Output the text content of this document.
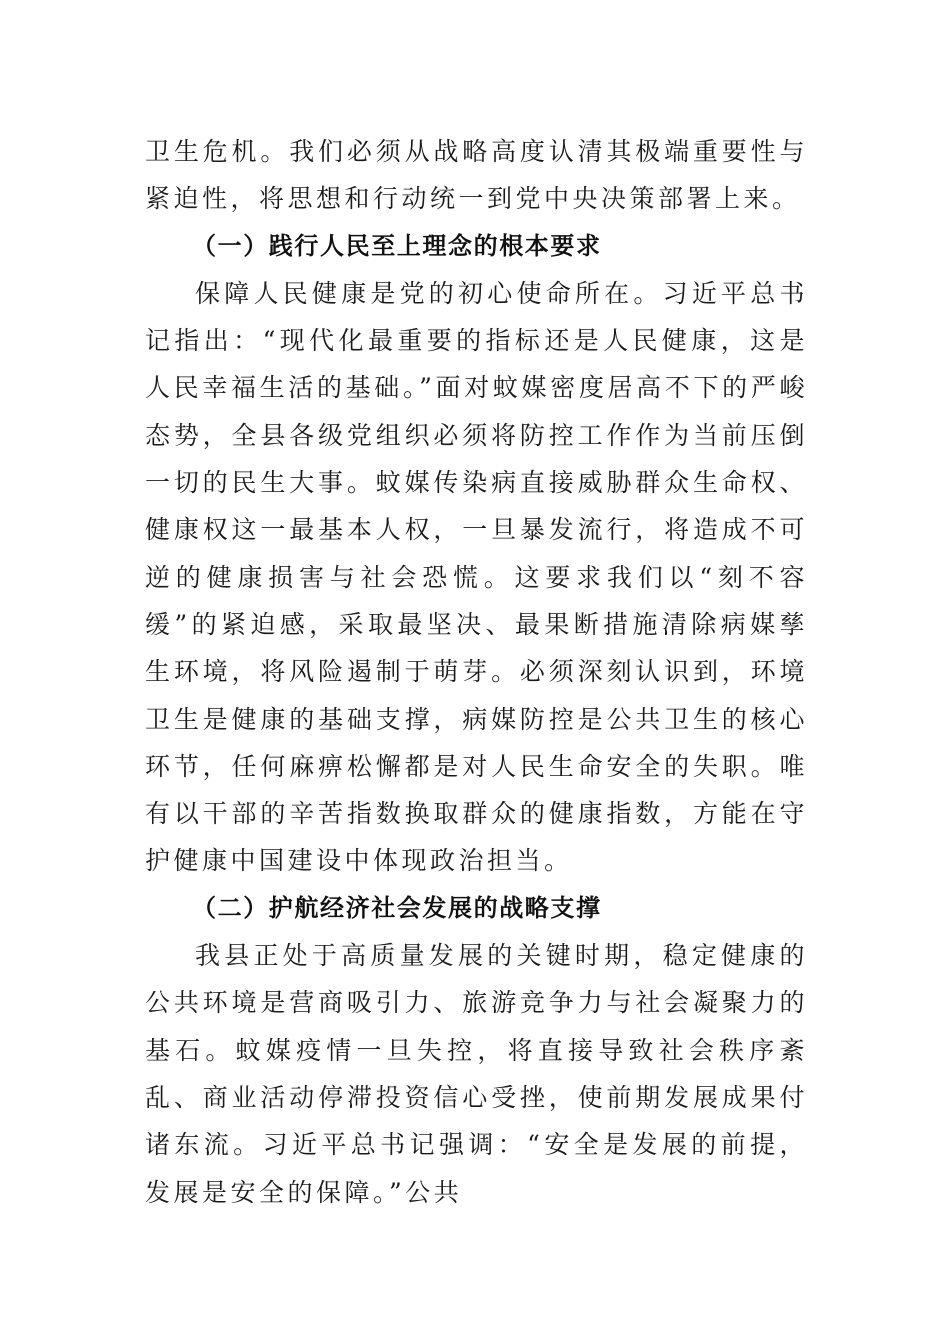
卫生危机。我们必须从战略高度认清其极端重要性与紧迫性，将思想和行动统一到党中央决策部署上来。

（一）践行人民至上理念的根本要求

保障人民健康是党的初心使命所在。习近平总书记指出：“现代化最重要的指标还是人民健康，这是人民幸福生活的基础。”面对蚊媒密度居高不下的严峻态势，全县各级党组织必须将防控工作作为当前压倒一切的民生大事。蚊媒传染病直接威胁群众生命权、健康权这一最基本人权，一旦暴发流行，将造成不可逆的健康损害与社会恐慌。这要求我们以“刻不容缓”的紧迫感，采取最坚决、最果断措施清除病媒孳生环境，将风险遏制于萌芽。必须深刻认识到，环境卫生是健康的基础支撑，病媒防控是公共卫生的核心环节，任何麻痹松懈都是对人民生命安全的失职。唯有以干部的辛苦指数换取群众的健康指数，方能在守护健康中国建设中体现政治担当。

（二）护航经济社会发展的战略支撑

我县正处于高质量发展的关键时期，稳定健康的公共环境是营商吸引力、旅游竞争力与社会凝聚力的基石。蚊媒疫情一旦失控，将直接导致社会秩序紊乱、商业活动停滞投资信心受挫，使前期发展成果付诸东流。习近平总书记强调：“安全是发展的前提，发展是安全的保障。”公共
